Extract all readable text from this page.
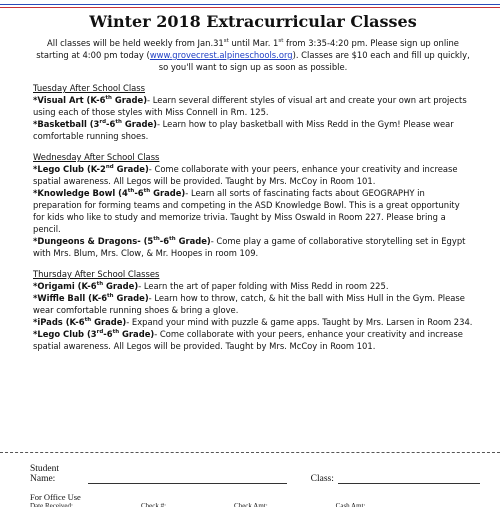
Winter 2018 Extracurricular Classes

All classes will be held weekly from Jan.31st until Mar. 1st from 3:35-4:20 pm. Please sign up online starting at 4:00 pm today (www.grovecrest.alpineschools.org). Classes are $10 each and fill up quickly, so you'll want to sign up as soon as possible.

Tuesday After School Class

*Visual Art (K-6th Grade)- Learn several different styles of visual art and create your own art projects using each of those styles with Miss Connell in Rm. 125.

*Basketball (3rd-6th Grade)- Learn how to play basketball with Miss Redd in the Gym! Please wear comfortable running shoes.

Wednesday After School Class

*Lego Club (K-2nd Grade)- Come collaborate with your peers, enhance your creativity and increase spatial awareness. All Legos will be provided. Taught by Mrs. McCoy in Room 101.

*Knowledge Bowl (4th-6th Grade)- Learn all sorts of fascinating facts about GEOGRAPHY in preparation for forming teams and competing in the ASD Knowledge Bowl. This is a great opportunity for kids who like to study and memorize trivia. Taught by Miss Oswald in Room 227. Please bring a pencil.

*Dungeons & Dragons- (5th-6th Grade)- Come play a game of collaborative storytelling set in Egypt with Mrs. Blum, Mrs. Clow, & Mr. Hoopes in room 109.

Thursday After School Classes

*Origami (K-6th Grade)- Learn the art of paper folding with Miss Redd in room 225.

*Wiffle Ball (K-6th Grade)- Learn how to throw, catch, & hit the ball with Miss Hull in the Gym. Please wear comfortable running shoes & bring a glove.

*iPads (K-6th Grade)- Expand your mind with puzzle & game apps. Taught by Mrs. Larsen in Room 234.

*Lego Club (3rd-6th Grade)- Come collaborate with your peers, enhance your creativity and increase spatial awareness. All Legos will be provided. Taught by Mrs. McCoy in Room 101.

Student Name:	Class:
For Office Use
Date Received:	Check #:	Check Amt:	Cash Amt:
